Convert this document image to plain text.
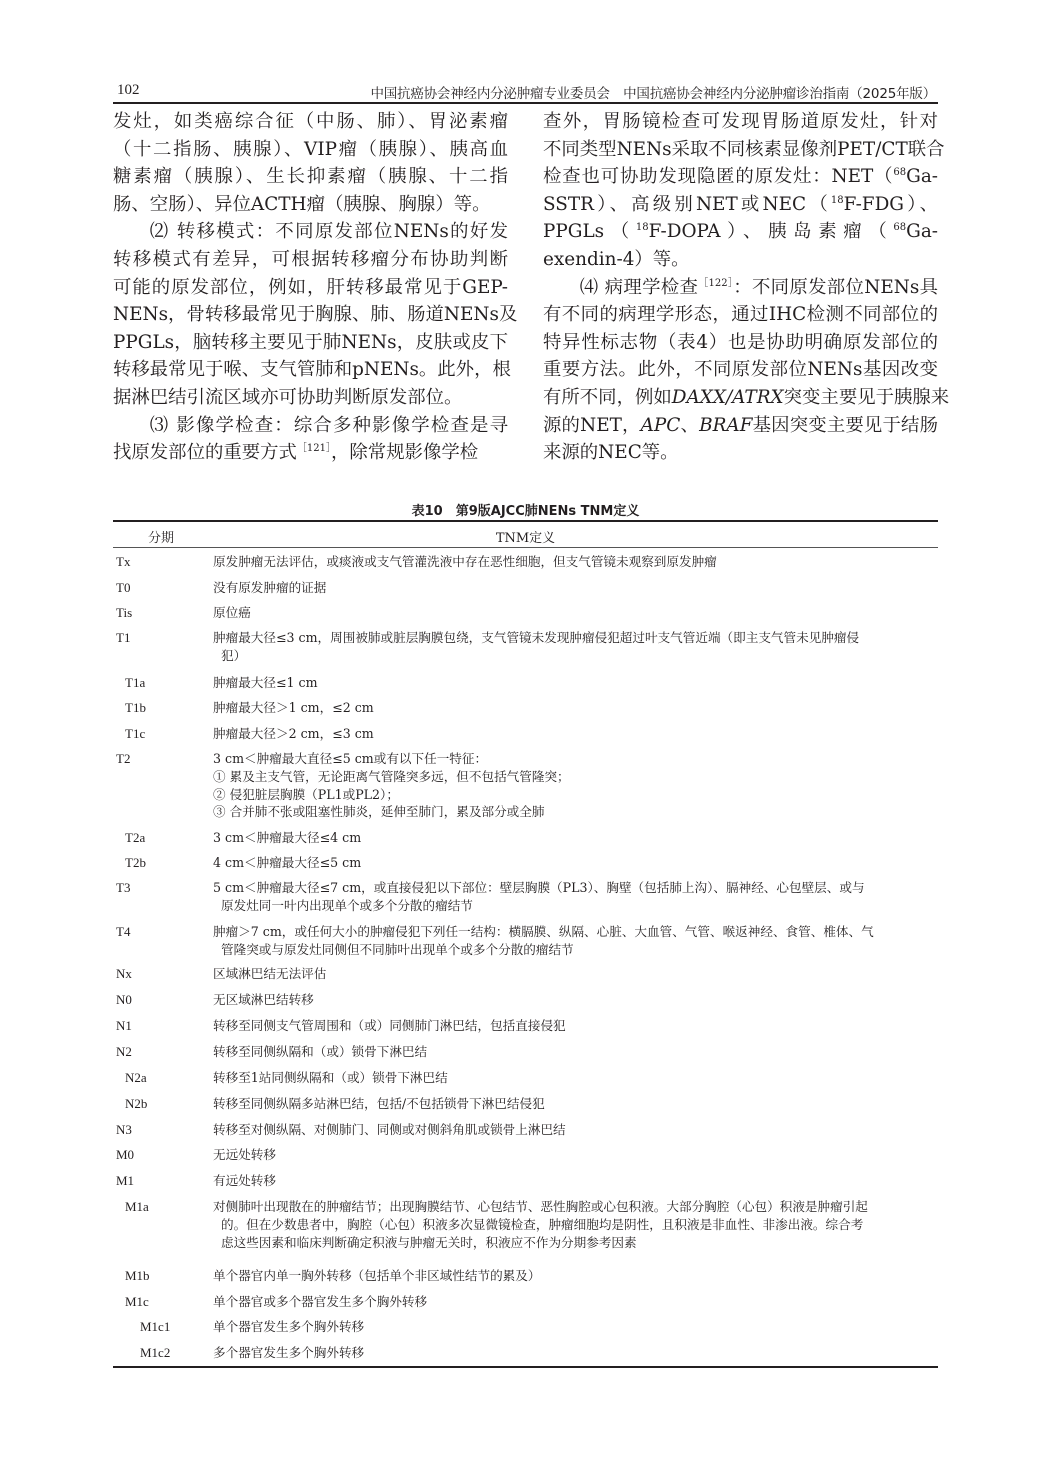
102	中国抗癌协会神经内分泌肿瘤专业委员会　中国抗癌协会神经内分泌肿瘤诊治指南（2025年版）
发灶，如类癌综合征（中肠、肺）、胃泌素瘤
（十二指肠、胰腺）、VIP瘤（胰腺）、胰高血
糖素瘤（胰腺）、生长抑素瘤（胰腺、十二指
肠、空肠）、异位ACTH瘤（胰腺、胸腺）等。
⑵ 转移模式：不同原发部位NENs的好发
转移模式有差异，可根据转移瘤分布协助判断
可能的原发部位，例如，肝转移最常见于GEP-
NENs，骨转移最常见于胸腺、肺、肠道NENs及
PPGLs，脑转移主要见于肺NENs，皮肤或皮下
转移最常见于喉、支气管肺和pNENs。此外，根
据淋巴结引流区域亦可协助判断原发部位。
⑶ 影像学检查：综合多种影像学检查是寻
找原发部位的重要方式$^{[121]}$，除常规影像学检
查外，胃肠镜检查可发现胃肠道原发灶，针对
不同类型NENs采取不同核素显像剂PET/CT联合
检查也可协助发现隐匿的原发灶：NET（$^{68}$Ga-
SSTR）、高级别NET或NEC（$^{18}$F-FDG）、
PPGLs（$^{18}$F-DOPA）、胰岛素瘤（$^{68}$Ga-
exendin-4）等。
⑷ 病理学检查$^{[122]}$：不同原发部位NENs具
有不同的病理学形态，通过IHC检测不同部位的
特异性标志物（表4）也是协助明确原发部位的
重要方法。此外，不同原发部位NENs基因改变
有所不同，例如DAXX/ATRX突变主要见于胰腺来
源的NET，APC、BRAF基因突变主要见于结肠
来源的NEC等。
表10　第9版AJCC肺NENs TNM定义
分期	TNM定义
Tx	原发肿瘤无法评估，或痰液或支气管灌洗液中存在恶性细胞，但支气管镜未观察到原发肿瘤
T0	没有原发肿瘤的证据
Tis	原位癌
T1	肿瘤最大径≤3 cm，周围被肺或脏层胸膜包绕，支气管镜未发现肿瘤侵犯超过叶支气管近端（即主支气管未见肿瘤侵
犯）
T1a	肿瘤最大径≤1 cm
T1b	肿瘤最大径＞1 cm，≤2 cm
T1c	肿瘤最大径＞2 cm，≤3 cm
T2	3 cm＜肿瘤最大直径≤5 cm或有以下任一特征：
① 累及主支气管，无论距离气管隆突多远，但不包括气管隆突；
② 侵犯脏层胸膜（PL1或PL2）；
③ 合并肺不张或阻塞性肺炎，延伸至肺门，累及部分或全肺
T2a	3 cm＜肿瘤最大径≤4 cm
T2b	4 cm＜肿瘤最大径≤5 cm
T3	5 cm＜肿瘤最大径≤7 cm，或直接侵犯以下部位：壁层胸膜（PL3）、胸壁（包括肺上沟）、膈神经、心包壁层、或与
原发灶同一叶内出现单个或多个分散的瘤结节
T4	肿瘤＞7 cm，或任何大小的肿瘤侵犯下列任一结构：横膈膜、纵隔、心脏、大血管、气管、喉返神经、食管、椎体、气
管隆突或与原发灶同侧但不同肺叶出现单个或多个分散的瘤结节
Nx	区域淋巴结无法评估
N0	无区域淋巴结转移
N1	转移至同侧支气管周围和（或）同侧肺门淋巴结，包括直接侵犯
N2	转移至同侧纵隔和（或）锁骨下淋巴结
N2a	转移至1站同侧纵隔和（或）锁骨下淋巴结
N2b	转移至同侧纵隔多站淋巴结，包括/不包括锁骨下淋巴结侵犯
N3	转移至对侧纵隔、对侧肺门、同侧或对侧斜角肌或锁骨上淋巴结
M0	无远处转移
M1	有远处转移
M1a	对侧肺叶出现散在的肿瘤结节；出现胸膜结节、心包结节、恶性胸腔或心包积液。大部分胸腔（心包）积液是肿瘤引起
的。但在少数患者中，胸腔（心包）积液多次显微镜检查，肿瘤细胞均是阴性，且积液是非血性、非渗出液。综合考
虑这些因素和临床判断确定积液与肿瘤无关时，积液应不作为分期参考因素
M1b	单个器官内单一胸外转移（包括单个非区域性结节的累及）
M1c	单个器官或多个器官发生多个胸外转移
M1c1	单个器官发生多个胸外转移
M1c2	多个器官发生多个胸外转移
